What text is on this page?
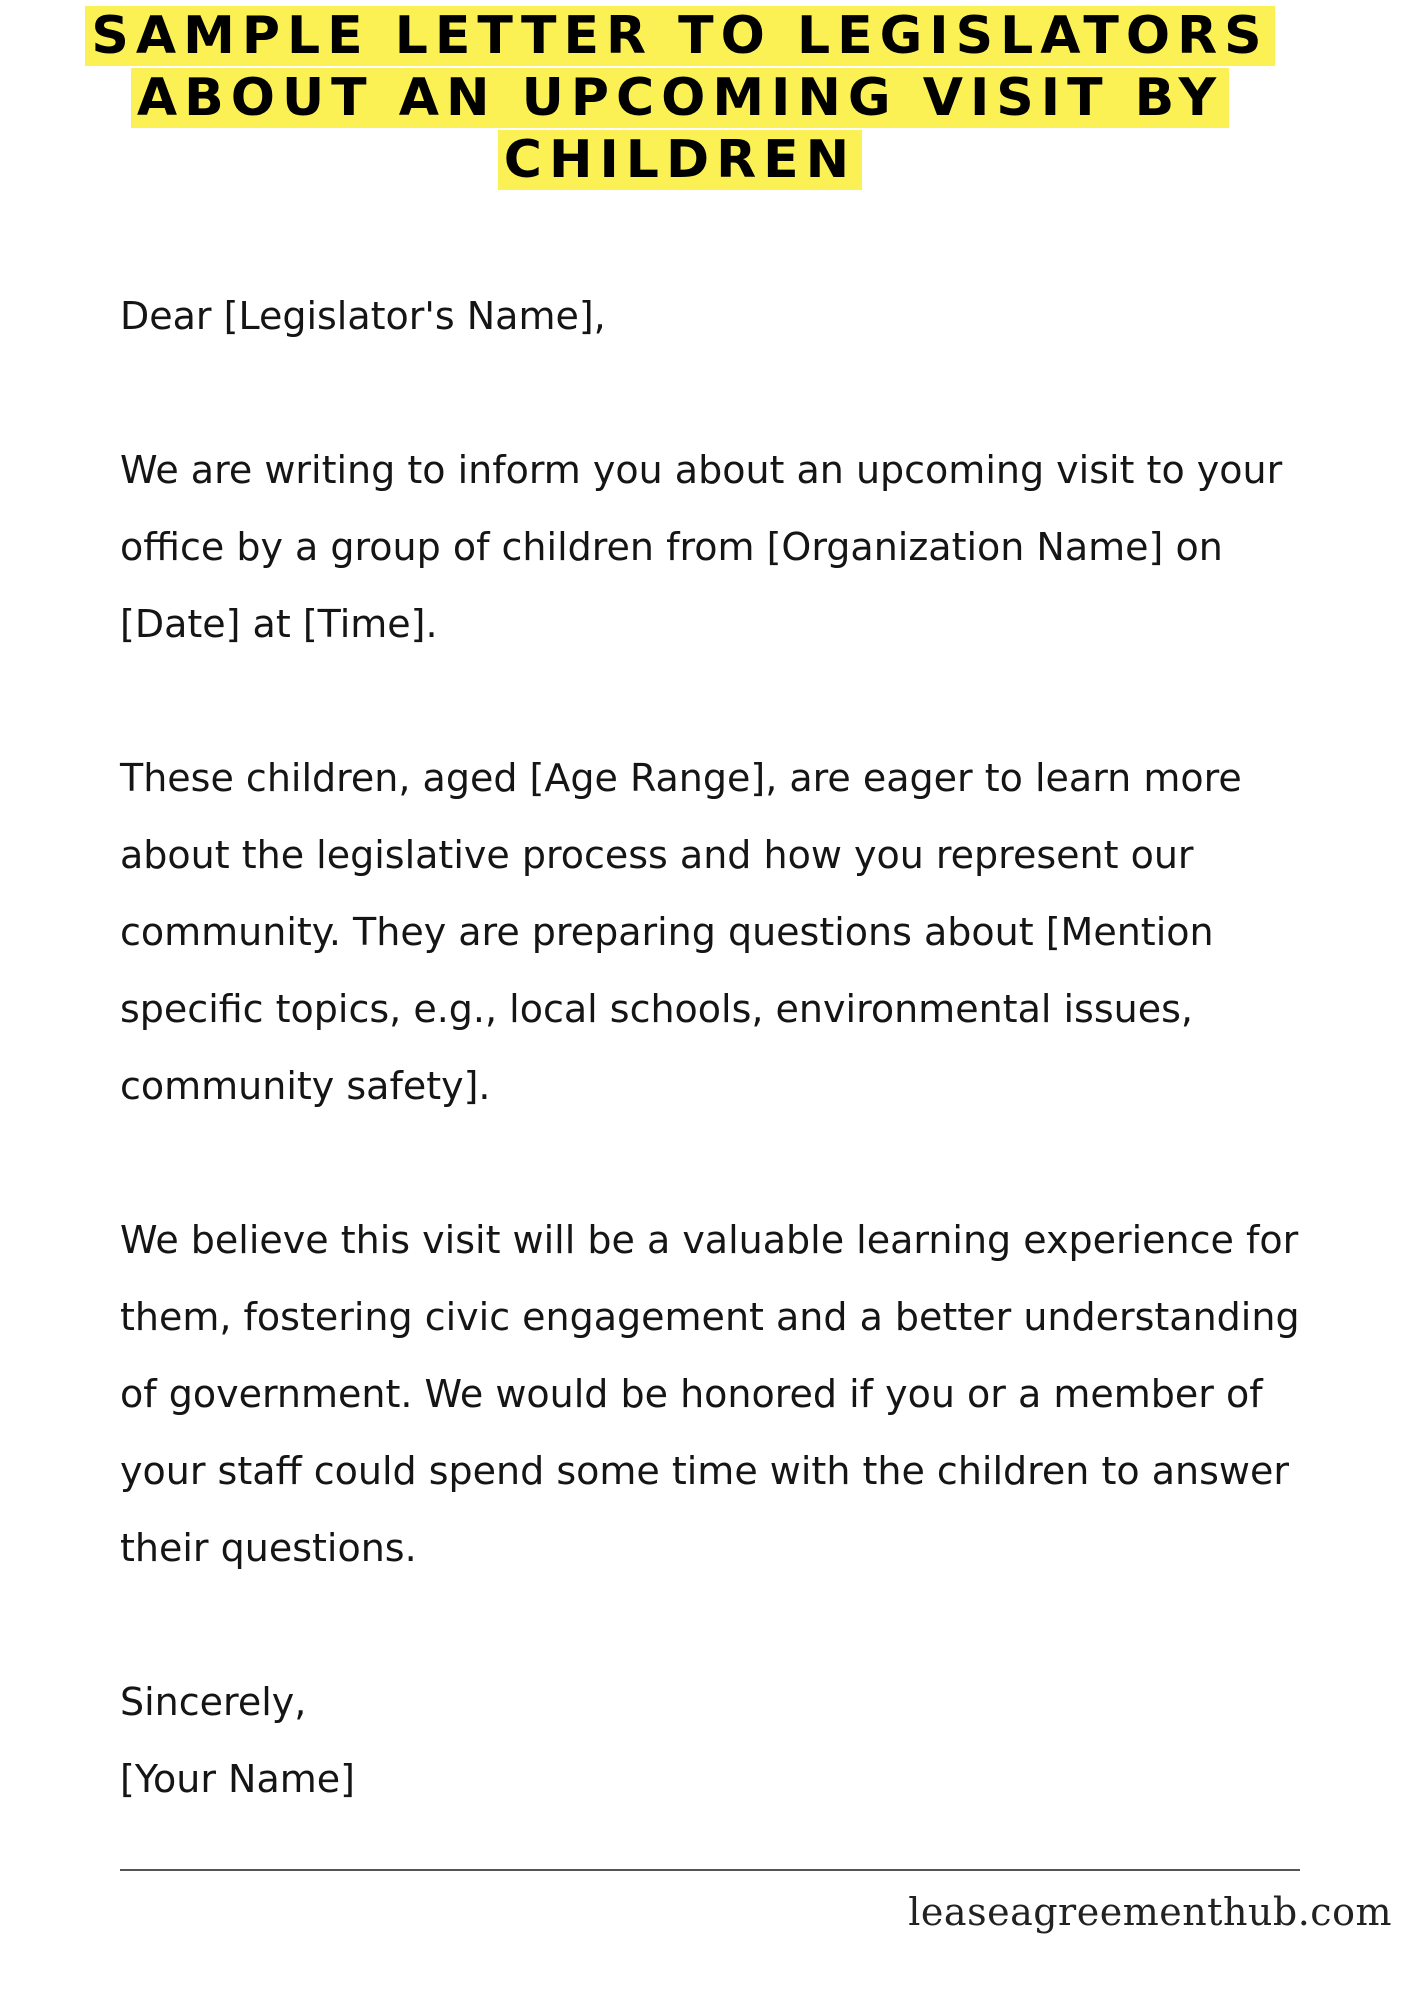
SAMPLE LETTER TO LEGISLATORS
ABOUT AN UPCOMING VISIT BY
CHILDREN

Dear [Legislator's Name],

We are writing to inform you about an upcoming visit to your office by a group of children from [Organization Name] on [Date] at [Time].

These children, aged [Age Range], are eager to learn more about the legislative process and how you represent our community. They are preparing questions about [Mention specific topics, e.g., local schools, environmental issues, community safety].

We believe this visit will be a valuable learning experience for them, fostering civic engagement and a better understanding of government. We would be honored if you or a member of your staff could spend some time with the children to answer their questions.

Sincerely,

[Your Name]

leaseagreementhub.com
